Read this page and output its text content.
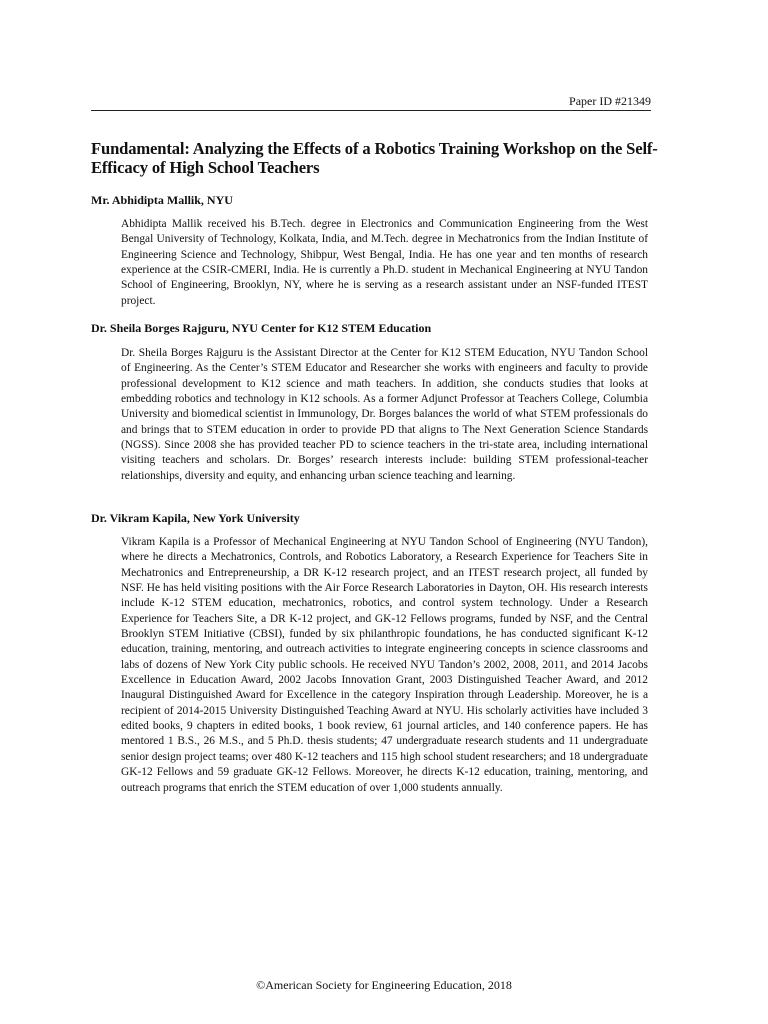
Paper ID #21349
Fundamental: Analyzing the Effects of a Robotics Training Workshop on the Self-Efficacy of High School Teachers
Mr. Abhidipta Mallik, NYU

Abhidipta Mallik received his B.Tech. degree in Electronics and Communication Engineering from the West Bengal University of Technology, Kolkata, India, and M.Tech. degree in Mechatronics from the Indian Institute of Engineering Science and Technology, Shibpur, West Bengal, India. He has one year and ten months of research experience at the CSIR-CMERI, India. He is currently a Ph.D. student in Mechanical Engineering at NYU Tandon School of Engineering, Brooklyn, NY, where he is serving as a research assistant under an NSF-funded ITEST project.

Dr. Sheila Borges Rajguru, NYU Center for K12 STEM Education

Dr. Sheila Borges Rajguru is the Assistant Director at the Center for K12 STEM Education, NYU Tandon School of Engineering. As the Center’s STEM Educator and Researcher she works with engineers and faculty to provide professional development to K12 science and math teachers. In addition, she conducts studies that looks at embedding robotics and technology in K12 schools. As a former Adjunct Professor at Teachers College, Columbia University and biomedical scientist in Immunology, Dr. Borges balances the world of what STEM professionals do and brings that to STEM education in order to provide PD that aligns to The Next Generation Science Standards (NGSS). Since 2008 she has provided teacher PD to science teachers in the tri-state area, including international visiting teachers and scholars. Dr. Borges’ research interests include: building STEM professional-teacher relationships, diversity and equity, and enhancing urban science teaching and learning.

Dr. Vikram Kapila, New York University

Vikram Kapila is a Professor of Mechanical Engineering at NYU Tandon School of Engineering (NYU Tandon), where he directs a Mechatronics, Controls, and Robotics Laboratory, a Research Experience for Teachers Site in Mechatronics and Entrepreneurship, a DR K-12 research project, and an ITEST research project, all funded by NSF. He has held visiting positions with the Air Force Research Laboratories in Dayton, OH. His research interests include K-12 STEM education, mechatronics, robotics, and control system technology. Under a Research Experience for Teachers Site, a DR K-12 project, and GK-12 Fellows programs, funded by NSF, and the Central Brooklyn STEM Initiative (CBSI), funded by six philanthropic foundations, he has conducted significant K-12 education, training, mentoring, and outreach activities to integrate engineering concepts in science classrooms and labs of dozens of New York City public schools. He received NYU Tandon’s 2002, 2008, 2011, and 2014 Jacobs Excellence in Education Award, 2002 Jacobs Innovation Grant, 2003 Distinguished Teacher Award, and 2012 Inaugural Distinguished Award for Excellence in the category Inspiration through Leadership. Moreover, he is a recipient of 2014-2015 University Distinguished Teaching Award at NYU. His scholarly activities have included 3 edited books, 9 chapters in edited books, 1 book review, 61 journal articles, and 140 conference papers. He has mentored 1 B.S., 26 M.S., and 5 Ph.D. thesis students; 47 undergraduate research students and 11 undergraduate senior design project teams; over 480 K-12 teachers and 115 high school student researchers; and 18 undergraduate GK-12 Fellows and 59 graduate GK-12 Fellows. Moreover, he directs K-12 education, training, mentoring, and outreach programs that enrich the STEM education of over 1,000 students annually.

©American Society for Engineering Education, 2018
